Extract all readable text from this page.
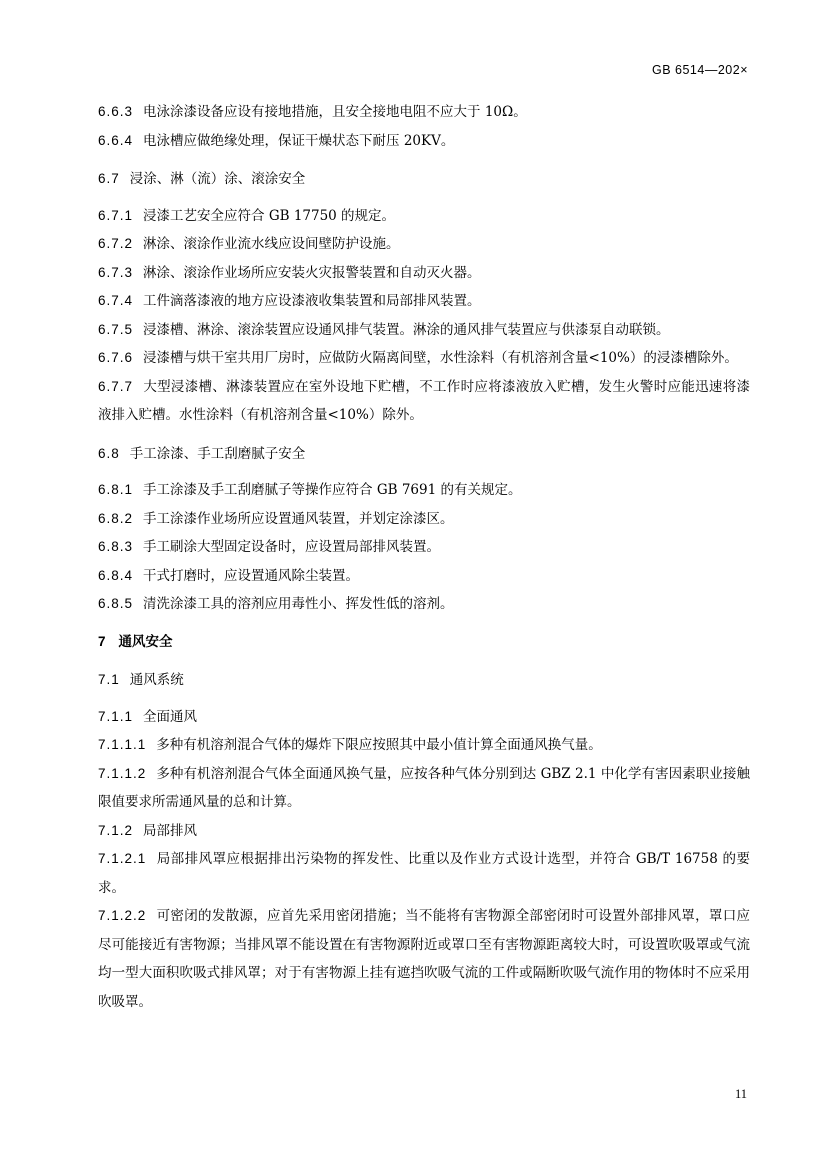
GB 6514—202×

6.6.3 电泳涂漆设备应设有接地措施，且安全接地电阻不应大于 10Ω。

6.6.4 电泳槽应做绝缘处理，保证干燥状态下耐压 20KV。

6.7 浸涂、淋（流）涂、滚涂安全

6.7.1 浸漆工艺安全应符合 GB 17750 的规定。

6.7.2 淋涂、滚涂作业流水线应设间壁防护设施。

6.7.3 淋涂、滚涂作业场所应安装火灾报警装置和自动灭火器。

6.7.4 工件滴落漆液的地方应设漆液收集装置和局部排风装置。

6.7.5 浸漆槽、淋涂、滚涂装置应设通风排气装置。淋涂的通风排气装置应与供漆泵自动联锁。

6.7.6 浸漆槽与烘干室共用厂房时，应做防火隔离间壁，水性涂料（有机溶剂含量<10%）的浸漆槽除外。

6.7.7 大型浸漆槽、淋漆装置应在室外设地下贮槽，不工作时应将漆液放入贮槽，发生火警时应能迅速将漆液排入贮槽。水性涂料（有机溶剂含量<10%）除外。

6.8 手工涂漆、手工刮磨腻子安全

6.8.1 手工涂漆及手工刮磨腻子等操作应符合 GB 7691 的有关规定。

6.8.2 手工涂漆作业场所应设置通风装置，并划定涂漆区。

6.8.3 手工刷涂大型固定设备时，应设置局部排风装置。

6.8.4 干式打磨时，应设置通风除尘装置。

6.8.5 清洗涂漆工具的溶剂应用毒性小、挥发性低的溶剂。

7 通风安全

7.1 通风系统

7.1.1 全面通风

7.1.1.1 多种有机溶剂混合气体的爆炸下限应按照其中最小值计算全面通风换气量。

7.1.1.2 多种有机溶剂混合气体全面通风换气量，应按各种气体分别到达 GBZ 2.1 中化学有害因素职业接触限值要求所需通风量的总和计算。

7.1.2 局部排风

7.1.2.1 局部排风罩应根据排出污染物的挥发性、比重以及作业方式设计选型，并符合 GB/T 16758 的要求。

7.1.2.2 可密闭的发散源，应首先采用密闭措施；当不能将有害物源全部密闭时可设置外部排风罩，罩口应尽可能接近有害物源；当排风罩不能设置在有害物源附近或罩口至有害物源距离较大时，可设置吹吸罩或气流均一型大面积吹吸式排风罩；对于有害物源上挂有遮挡吹吸气流的工件或隔断吹吸气流作用的物体时不应采用吹吸罩。

11
